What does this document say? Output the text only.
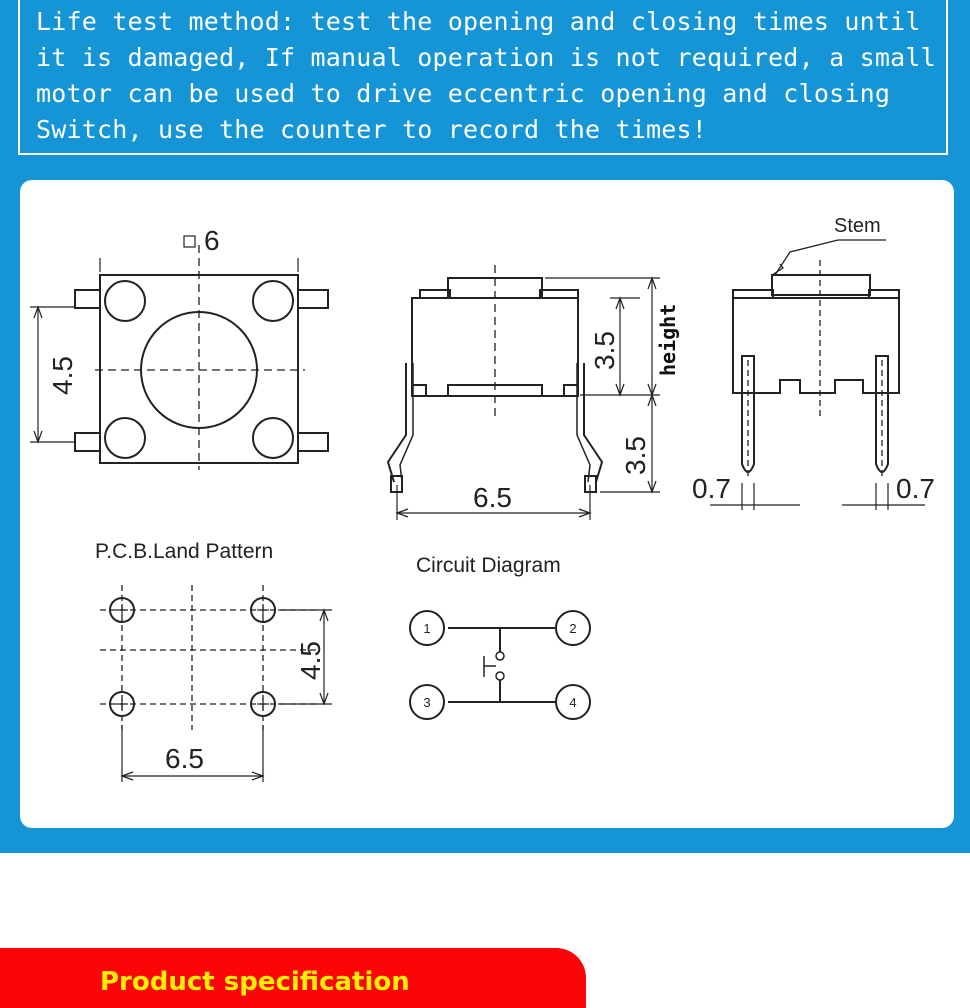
Life test method: test the opening and closing times until it is damaged, If manual operation is not required, a small motor can be used to drive eccentric opening and closing Switch, use the counter to record the times!

6
4.5
3.5 height
3.5
6.5
Stem
0.7	0.7
P.C.B.Land Pattern
4.5
6.5
Circuit Diagram
1	2
3	4
Product specification
